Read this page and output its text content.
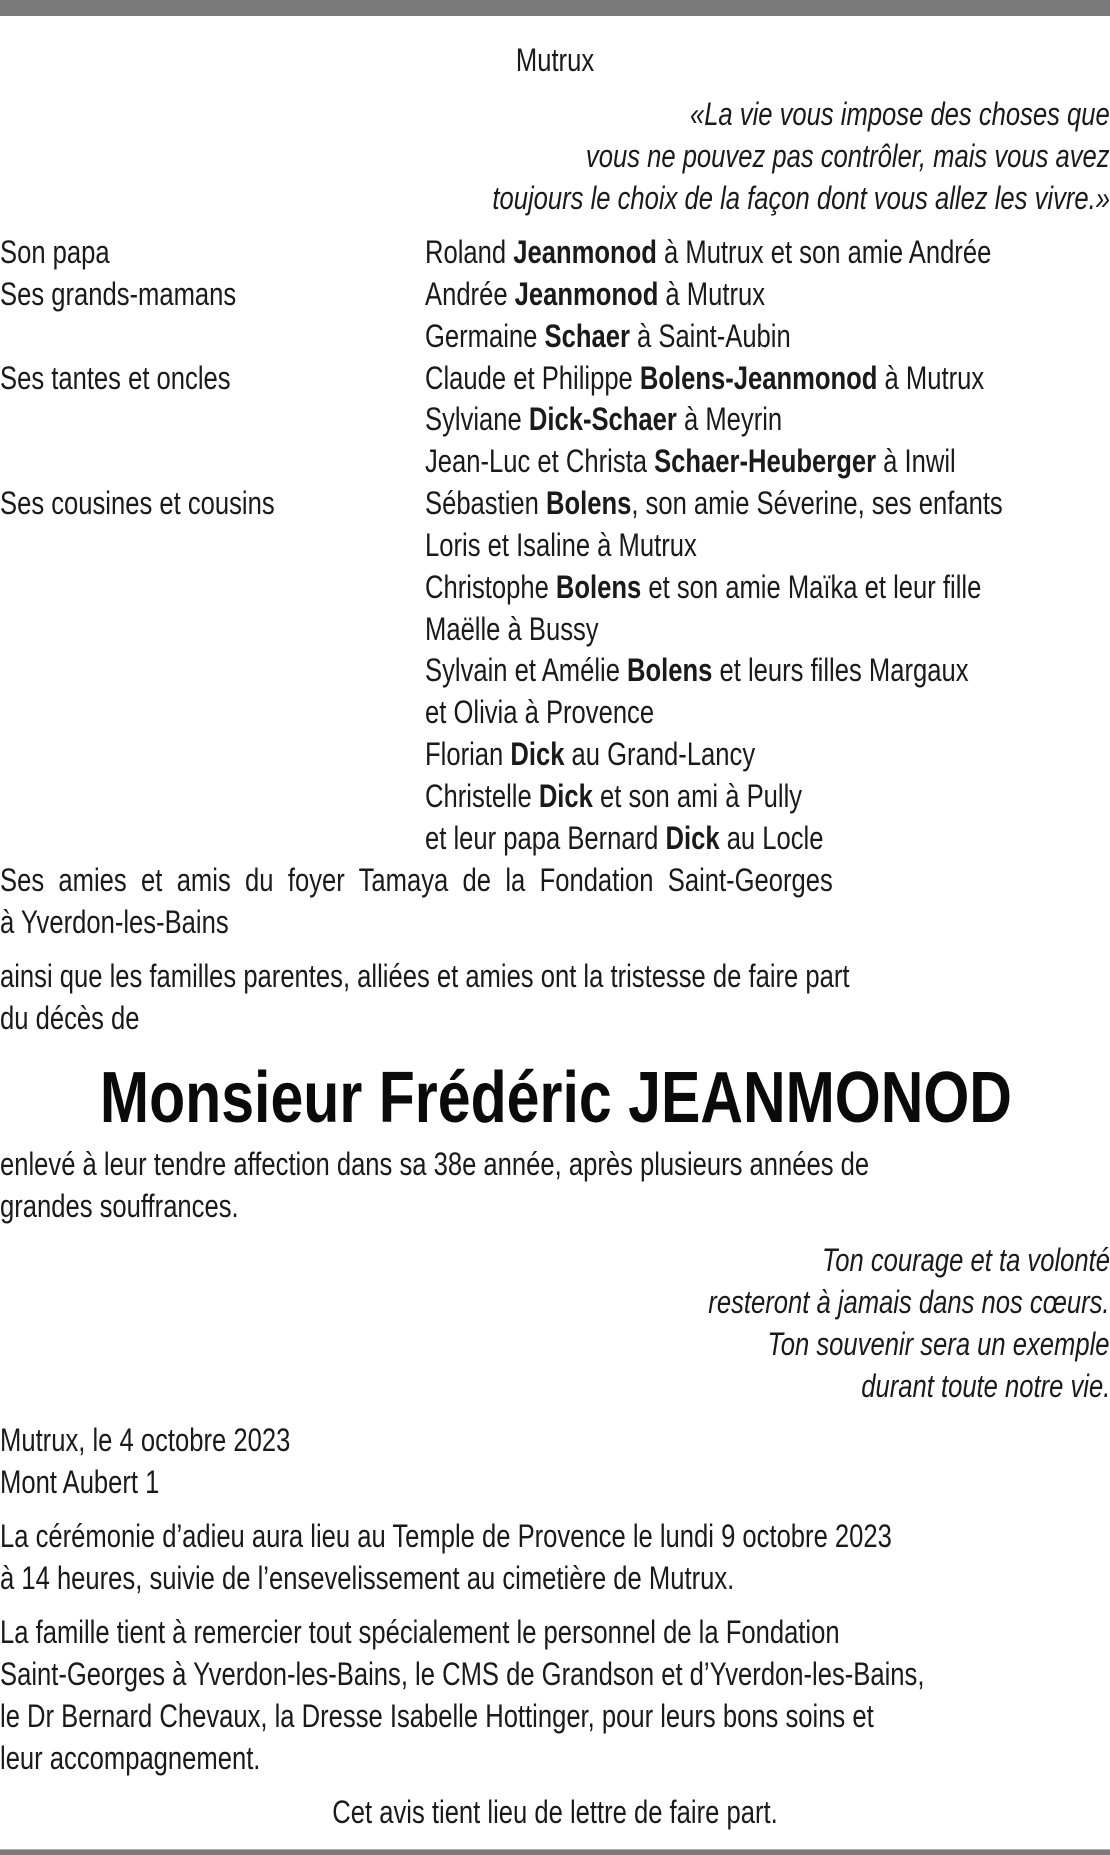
Mutrux
«La vie vous impose des choses que
vous ne pouvez pas contrôler, mais vous avez
toujours le choix de la façon dont vous allez les vivre.»
Son papa
Ses grands-mamans
Ses tantes et oncles
Ses cousines et cousins
Roland Jeanmonod à Mutrux et son amie Andrée
Andrée Jeanmonod à Mutrux
Germaine Schaer à Saint-Aubin
Claude et Philippe Bolens-Jeanmonod à Mutrux
Sylviane Dick-Schaer à Meyrin
Jean-Luc et Christa Schaer-Heuberger à Inwil
Sébastien Bolens, son amie Séverine, ses enfants
Loris et Isaline à Mutrux
Christophe Bolens et son amie Maïka et leur fille
Maëlle à Bussy
Sylvain et Amélie Bolens et leurs filles Margaux
et Olivia à Provence
Florian Dick au Grand-Lancy
Christelle Dick et son ami à Pully
et leur papa Bernard Dick au Locle
Ses amies et amis du foyer Tamaya de la Fondation Saint-Georges
à Yverdon-les-Bains
ainsi que les familles parentes, alliées et amies ont la tristesse de faire part
du décès de
Monsieur Frédéric JEANMONOD
enlevé à leur tendre affection dans sa 38e année, après plusieurs années de
grandes souffrances.
Ton courage et ta volonté
resteront à jamais dans nos cœurs.
Ton souvenir sera un exemple
durant toute notre vie.
Mutrux, le 4 octobre 2023
Mont Aubert 1
La cérémonie d’adieu aura lieu au Temple de Provence le lundi 9 octobre 2023
à 14 heures, suivie de l’ensevelissement au cimetière de Mutrux.
La famille tient à remercier tout spécialement le personnel de la Fondation
Saint-Georges à Yverdon-les-Bains, le CMS de Grandson et d’Yverdon-les-Bains,
le Dr Bernard Chevaux, la Dresse Isabelle Hottinger, pour leurs bons soins et
leur accompagnement.
Cet avis tient lieu de lettre de faire part.
